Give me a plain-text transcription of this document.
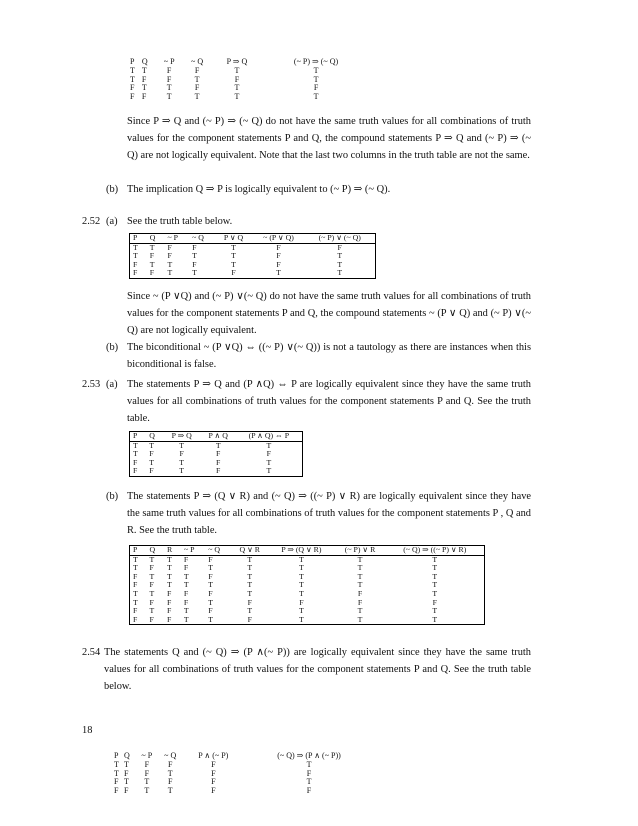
P	Q	~ P	~ Q	P ⇒ Q	(~ P) ⇒ (~ Q)
T	T	F	F	T	T
T	F	F	T	F	T
F	T	T	F	T	F
F	F	T	T	T	T

Since P ⇒ Q and (~ P) ⇒ (~ Q) do not have the same truth values for all combinations of truth values for the component statements P and Q, the compound statements P ⇒ Q and (~ P) ⇒ (~ Q) are not logically equivalent. Note that the last two columns in the truth table are not the same.

(b) The implication Q ⇒ P is logically equivalent to (~ P) ⇒ (~ Q).

2.52 (a) See the truth table below.

P	Q	~ P	~ Q	P ∨ Q	~ (P ∨ Q)	(~ P) ∨ (~ Q)
T	T	F	F	T	F	F
T	F	F	T	T	F	T
F	T	T	F	T	F	T
F	F	T	T	F	T	T

Since ~ (P ∨Q) and (~ P) ∨(~ Q) do not have the same truth values for all combinations of truth values for the component statements P and Q, the compound statements ~ (P ∨ Q) and (~ P) ∨(~ Q) are not logically equivalent.

(b) The biconditional ~ (P ∨Q) ⇔ ((~ P) ∨(~ Q)) is not a tautology as there are instances when this biconditional is false.

2.53 (a) The statements P ⇒ Q and (P ∧Q) ⇔ P are logically equivalent since they have the same truth values for all combinations of truth values for the component statements P and Q. See the truth table.

P	Q	P ⇒ Q	P ∧ Q	(P ∧ Q) ⇔ P
T	T	T	T	T
T	F	F	F	F
F	T	T	F	T
F	F	T	F	T
(b) The statements P ⇒ (Q ∨ R) and (~ Q) ⇒ ((~ P) ∨ R) are logically equivalent since they have the same truth values for all combinations of truth values for the component statements P , Q and R. See the truth table.

P	Q	R	~ P	~ Q	Q ∨ R	P ⇒ (Q ∨ R)	(~ P) ∨ R	(~ Q) ⇒ ((~ P) ∨ R)
T	T	T	F	F	T	T	T	T
T	F	T	F	T	T	T	T	T
F	T	T	T	F	T	T	T	T
F	F	T	T	T	T	T	T	T
T	T	F	F	F	T	T	F	T
T	F	F	F	T	F	F	F	F
F	T	F	T	F	T	T	T	T
F	F	F	T	T	F	T	T	T
2.54 The statements Q and (~ Q) ⇒ (P ∧(~ P)) are logically equivalent since they have the same truth values for all combinations of truth values for the component statements P and Q. See the truth table below.

18
P	Q	~ P	~ Q	P ∧ (~ P)	(~ Q) ⇒ (P ∧ (~ P))
T	T	F	F	F	T
T	F	F	T	F	F
F	T	T	F	F	T
F	F	T	T	F	F
